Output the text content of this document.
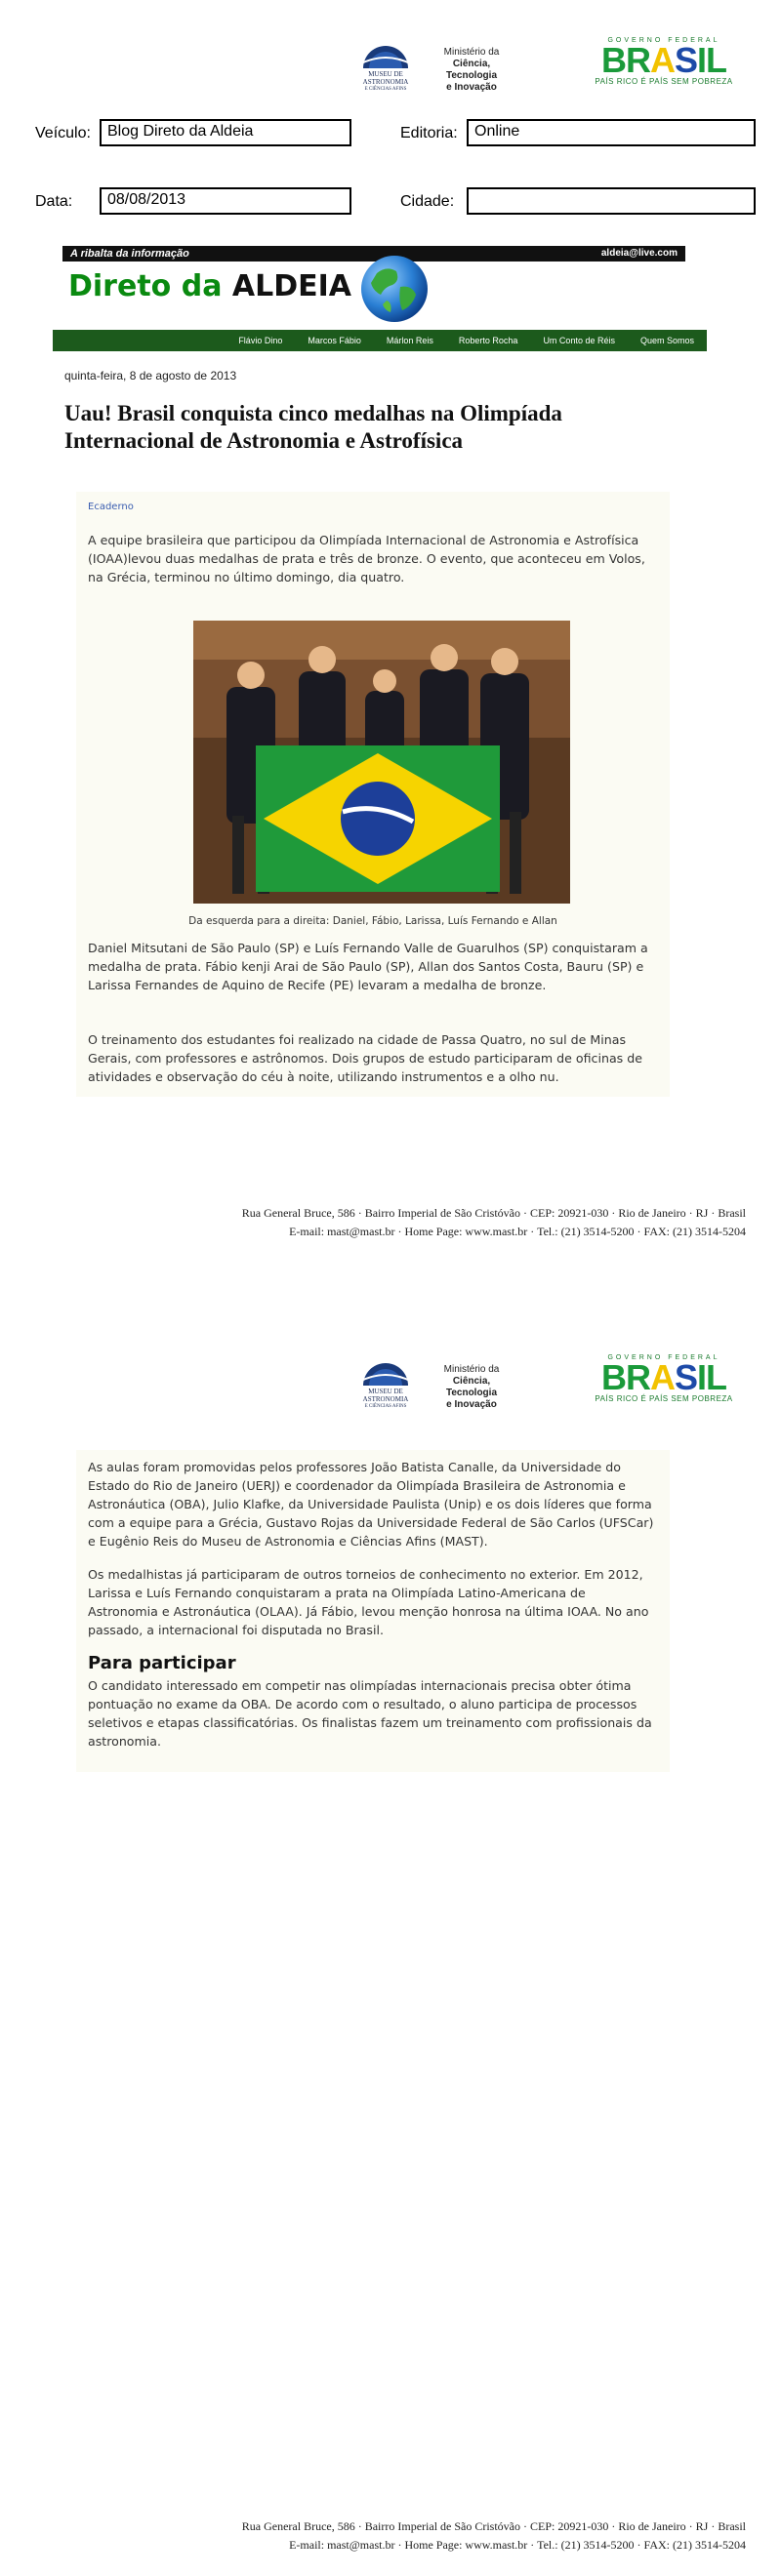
MUSEU DE
ASTRONOMIA
E CIÊNCIAS AFINS
Ministério da
Ciência, Tecnologia
e Inovação
GOVERNO FEDERAL
BRASIL
PAÍS RICO É PAÍS SEM POBREZA
Veículo:	Blog Direto da Aldeia	Editoria:	Online
Data:	08/08/2013	Cidade:
A ribalta da informação	aldeia@live.com
Direto da ALDEIA
Flávio Dino	Marcos Fábio	Márlon Reis	Roberto Rocha	Um Conto de Réis	Quem Somos
quinta-feira, 8 de agosto de 2013
Uau! Brasil conquista cinco medalhas na Olimpíada Internacional de Astronomia e Astrofísica
Ecaderno
A equipe brasileira que participou da Olimpíada Internacional de Astronomia e Astrofísica (IOAA)levou duas medalhas de prata e três de bronze. O evento, que aconteceu em Volos, na Grécia, terminou no último domingo, dia quatro.
Da esquerda para a direita: Daniel, Fábio, Larissa, Luís Fernando e Allan
Daniel Mitsutani de São Paulo (SP) e Luís Fernando Valle de Guarulhos (SP) conquistaram a medalha de prata. Fábio kenji Arai de São Paulo (SP), Allan dos Santos Costa, Bauru (SP) e Larissa Fernandes de Aquino de Recife (PE) levaram a medalha de bronze.
O treinamento dos estudantes foi realizado na cidade de Passa Quatro, no sul de Minas Gerais, com professores e astrônomos. Dois grupos de estudo participaram de oficinas de atividades e observação do céu à noite, utilizando instrumentos e a olho nu.
Rua General Bruce, 586 · Bairro Imperial de São Cristóvão · CEP: 20921-030 · Rio de Janeiro · RJ · Brasil
E-mail: mast@mast.br · Home Page: www.mast.br · Tel.: (21) 3514-5200 · FAX: (21) 3514-5204
MUSEU DE
ASTRONOMIA
E CIÊNCIAS AFINS
Ministério da
Ciência, Tecnologia
e Inovação
GOVERNO FEDERAL
BRASIL
PAÍS RICO É PAÍS SEM POBREZA
As aulas foram promovidas pelos professores João Batista Canalle, da Universidade do Estado do Rio de Janeiro (UERJ) e coordenador da Olimpíada Brasileira de Astronomia e Astronáutica (OBA), Julio Klafke, da Universidade Paulista (Unip) e os dois líderes que forma com a equipe para a Grécia, Gustavo Rojas da Universidade Federal de São Carlos (UFSCar) e Eugênio Reis do Museu de Astronomia e Ciências Afins (MAST).
Os medalhistas já participaram de outros torneios de conhecimento no exterior. Em 2012, Larissa e Luís Fernando conquistaram a prata na Olimpíada Latino-Americana de Astronomia e Astronáutica (OLAA). Já Fábio, levou menção honrosa na última IOAA. No ano passado, a internacional foi disputada no Brasil.
Para participar
O candidato interessado em competir nas olimpíadas internacionais precisa obter ótima pontuação no exame da OBA. De acordo com o resultado, o aluno participa de processos seletivos e etapas classificatórias. Os finalistas fazem um treinamento com profissionais da astronomia.
Rua General Bruce, 586 · Bairro Imperial de São Cristóvão · CEP: 20921-030 · Rio de Janeiro · RJ · Brasil
E-mail: mast@mast.br · Home Page: www.mast.br · Tel.: (21) 3514-5200 · FAX: (21) 3514-5204
